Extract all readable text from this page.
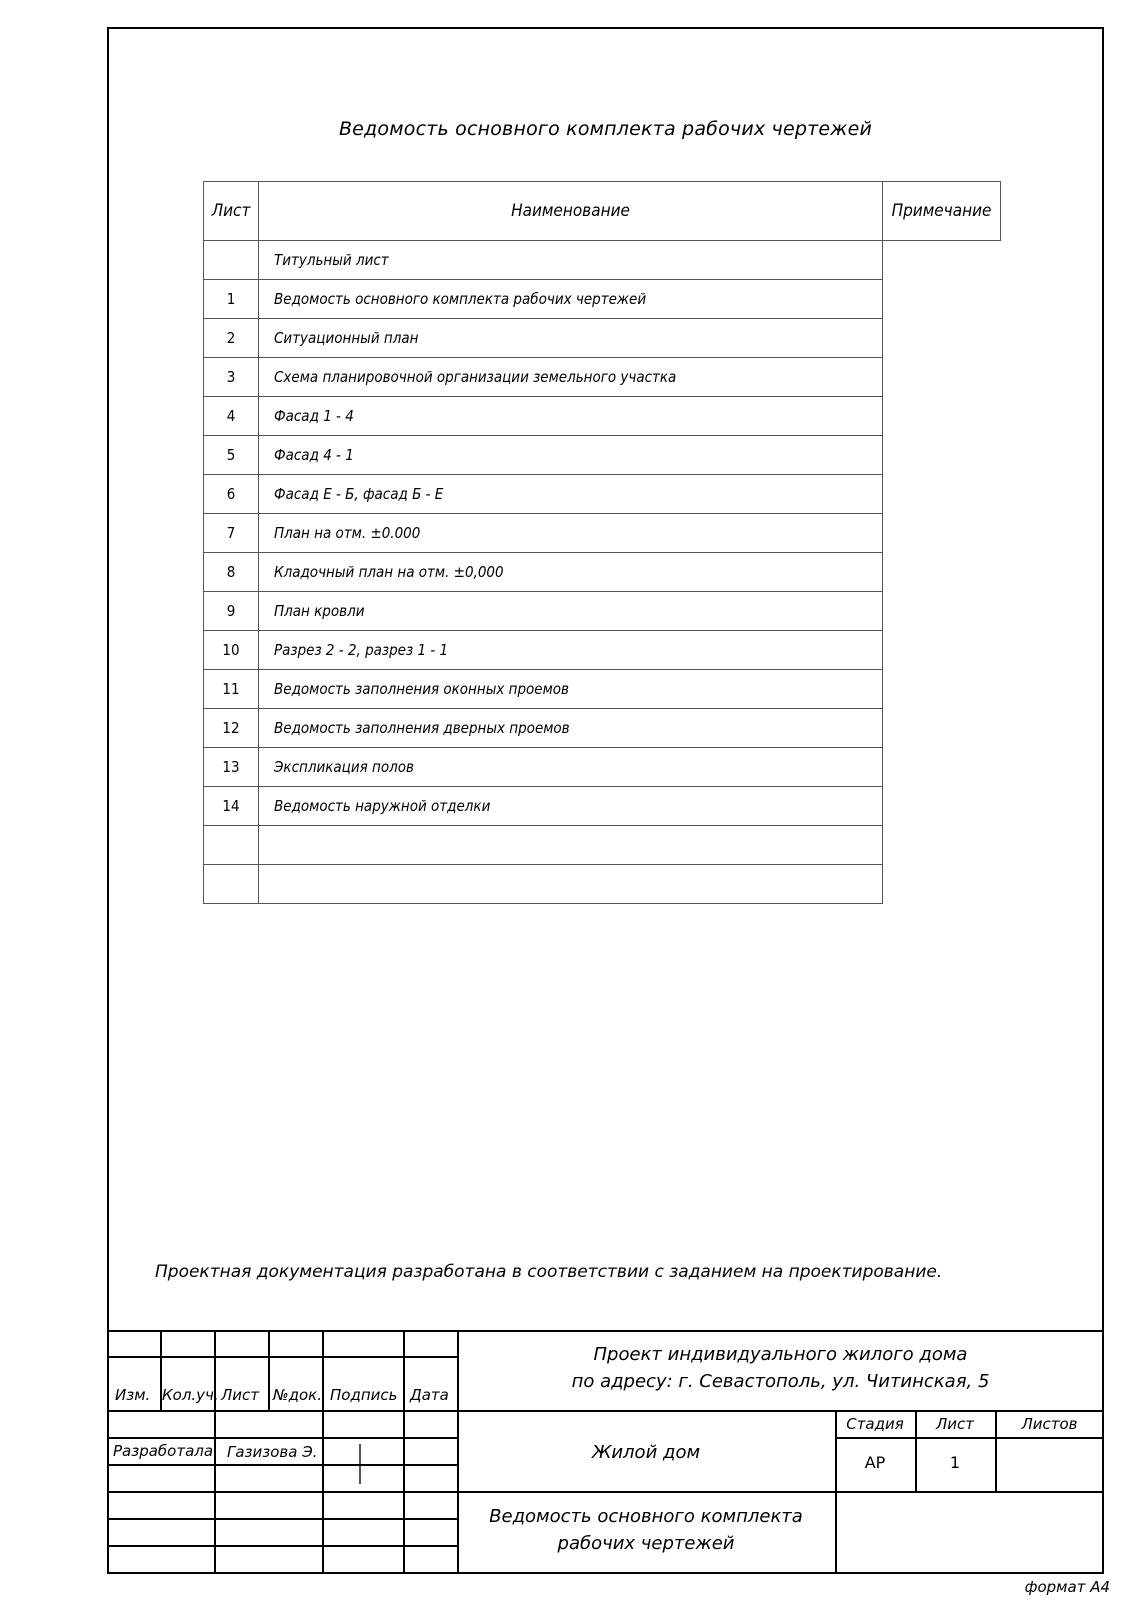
Ведомость основного комплекта рабочих чертежей
Лист	Наименование	Примечание
	Титульный лист	

1	Ведомость основного комплекта рабочих чертежей	

2	Ситуационный план	

3	Схема планировочной организации земельного участка	

4	Фасад 1 - 4	

5	Фасад 4 - 1	

6	Фасад Е - Б, фасад Б - Е	

7	План на отм. ±0.000	

8	Кладочный план на отм. ±0,000	

9	План кровли	

10	Разрез 2 - 2, разрез 1 - 1	

11	Ведомость заполнения оконных проемов	

12	Ведомость заполнения дверных проемов	

13	Экспликация полов	

14	Ведомость наружной отделки	

Проектная документация разработана в соответствии с заданием на проектирование.
Изм. Кол.уч. Лист №док. Подпись Дата
Разработала Газизова Э.
Проект индивидуального жилого дома
по адресу: г. Севастополь, ул. Читинская, 5
Жилой дом
Стадия	Лист	Листов
АР	1
Ведомость основного комплекта
рабочих чертежей
формат А4
